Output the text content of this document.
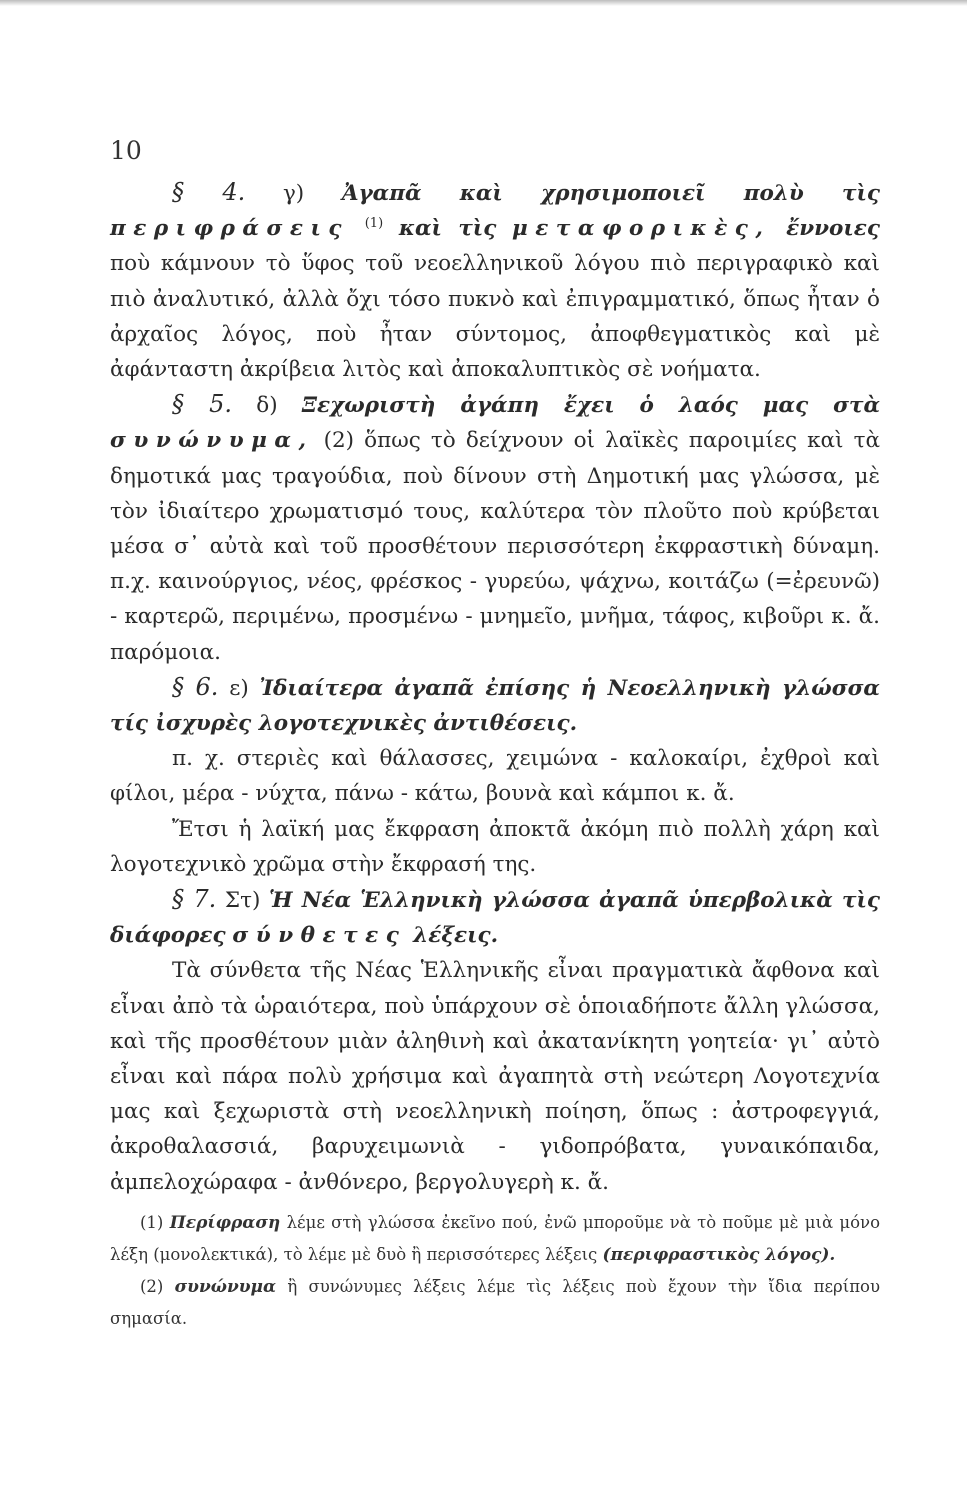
10

§ 4. γ) Ἀγαπᾶ καὶ χρησιμοποιεῖ πολὺ τὶς περιφράσεις $^{(1)}$ καὶ τὶς μεταφορικὲς, ἔννοιες ποὺ κάμνουν τὸ ὕφος τοῦ νεοελληνικοῦ λόγου πιὸ περιγραφικὸ καὶ πιὸ ἀναλυτικό, ἀλλὰ ὄχι τόσο πυκνὸ καὶ ἐπιγραμματικό, ὅπως ἦταν ὁ ἀρχαῖος λόγος, ποὺ ἦταν σύντομος, ἀποφθεγματικὸς καὶ μὲ ἀφάνταστη ἀκρίβεια λιτὸς καὶ ἀποκαλυπτικὸς σὲ νοήματα.

§ 5. δ) Ξεχωριστὴ ἀγάπη ἔχει ὁ λαός μας στὰ συνώνυμα, (2) ὅπως τὸ δείχνουν οἱ λαϊκὲς παροιμίες καὶ τὰ δημοτικά μας τραγούδια, ποὺ δίνουν στὴ Δημοτική μας γλώσσα, μὲ τὸν ἰδιαίτερο χρωματισμό τους, καλύτερα τὸν πλοῦτο ποὺ κρύβεται μέσα σ᾽ αὐτὰ καὶ τοῦ προσθέτουν περισσότερη ἐκφραστικὴ δύναμη. π.χ. καινούργιος, νέος, φρέσκος - γυρεύω, ψάχνω, κοιτάζω (=ἐρευνῶ) - καρτερῶ, περιμένω, προσμένω - μνημεῖο, μνῆμα, τάφος, κιβοῦρι κ. ἄ. παρόμοια.

§ 6. ε) Ἰδιαίτερα ἀγαπᾶ ἐπίσης ἡ Νεοελληνικὴ γλώσσα τίς ἰσχυρὲς λογοτεχνικὲς ἀντιθέσεις.

π. χ. στεριὲς καὶ θάλασσες, χειμώνα - καλοκαίρι, ἐχθροὶ καὶ φίλοι, μέρα - νύχτα, πάνω - κάτω, βουνὰ καὶ κάμποι κ. ἄ.

Ἔτσι ἡ λαϊκή μας ἔκφραση ἀποκτᾶ ἀκόμη πιὸ πολλὴ χάρη καὶ λογοτεχνικὸ χρῶμα στὴν ἔκφρασή της.

§ 7. Στ) Ἡ Νέα Ἑλληνικὴ γλώσσα ἀγαπᾶ ὑπερβολικὰ τὶς διάφορες σύνθετες λέξεις.

Τὰ σύνθετα τῆς Νέας Ἑλληνικῆς εἶναι πραγματικὰ ἄφθονα καὶ εἶναι ἀπὸ τὰ ὡραιότερα, ποὺ ὑπάρχουν σὲ ὁποιαδήποτε ἄλλη γλώσσα, καὶ τῆς προσθέτουν μιὰν ἀληθινὴ καὶ ἀκατανίκητη γοητεία· γι᾽ αὐτὸ εἶναι καὶ πάρα πολὺ χρήσιμα καὶ ἀγαπητὰ στὴ νεώτερη Λογοτεχνία μας καὶ ξεχωριστὰ στὴ νεοελληνικὴ ποίηση, ὅπως : ἀστροφεγγιά, ἀκροθαλασσιά, βαρυχειμωνιὰ - γιδοπρόβατα, γυναικόπαιδα, ἀμπελοχώραφα - ἀνθόνερο, βεργολυγερὴ κ. ἄ.

(1) Περίφραση λέμε στὴ γλώσσα ἐκεῖνο πού, ἐνῶ μποροῦμε νὰ τὸ ποῦμε μὲ μιὰ μόνο λέξη (μονολεκτικά), τὸ λέμε μὲ δυὸ ἢ περισσότερες λέξεις (περιφραστικὸς λόγος).

(2) συνώνυμα ἢ συνώνυμες λέξεις λέμε τὶς λέξεις ποὺ ἔχουν τὴν ἴδια περίπου σημασία.
